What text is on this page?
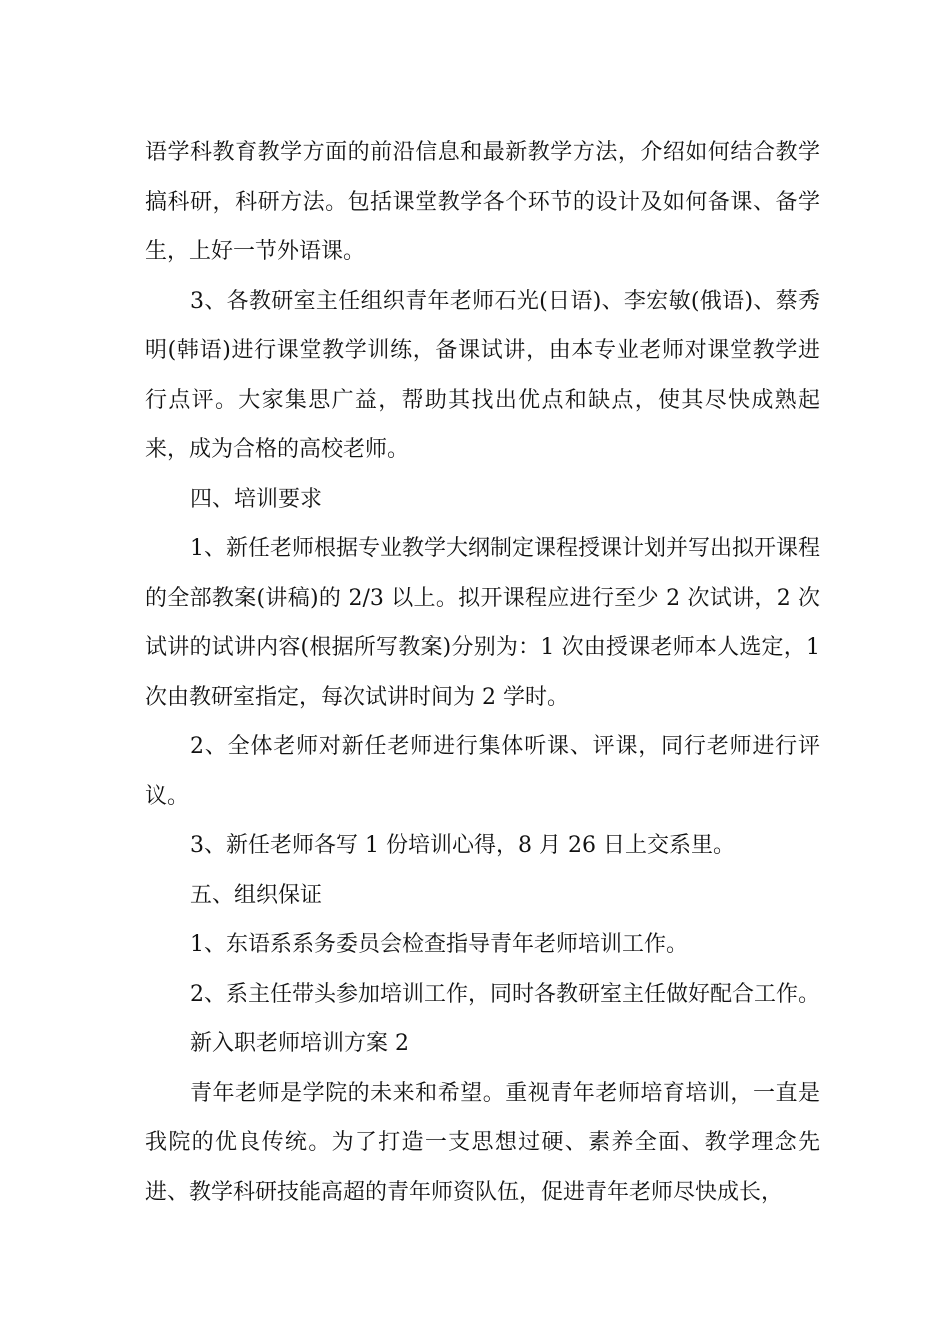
语学科教育教学方面的前沿信息和最新教学方法，介绍如何结合教学搞科研，科研方法。包括课堂教学各个环节的设计及如何备课、备学生，上好一节外语课。

3、各教研室主任组织青年老师石光(日语)、李宏敏(俄语)、蔡秀明(韩语)进行课堂教学训练，备课试讲，由本专业老师对课堂教学进行点评。大家集思广益，帮助其找出优点和缺点，使其尽快成熟起来，成为合格的高校老师。

四、培训要求

1、新任老师根据专业教学大纲制定课程授课计划并写出拟开课程的全部教案(讲稿)的 2/3 以上。拟开课程应进行至少 2 次试讲，2 次试讲的试讲内容(根据所写教案)分别为：1 次由授课老师本人选定，1 次由教研室指定，每次试讲时间为 2 学时。

2、全体老师对新任老师进行集体听课、评课，同行老师进行评议。

3、新任老师各写 1 份培训心得，8 月 26 日上交系里。

五、组织保证

1、东语系系务委员会检查指导青年老师培训工作。

2、系主任带头参加培训工作，同时各教研室主任做好配合工作。

新入职老师培训方案 2

青年老师是学院的未来和希望。重视青年老师培育培训，一直是我院的优良传统。为了打造一支思想过硬、素养全面、教学理念先进、教学科研技能高超的青年师资队伍，促进青年老师尽快成长，
